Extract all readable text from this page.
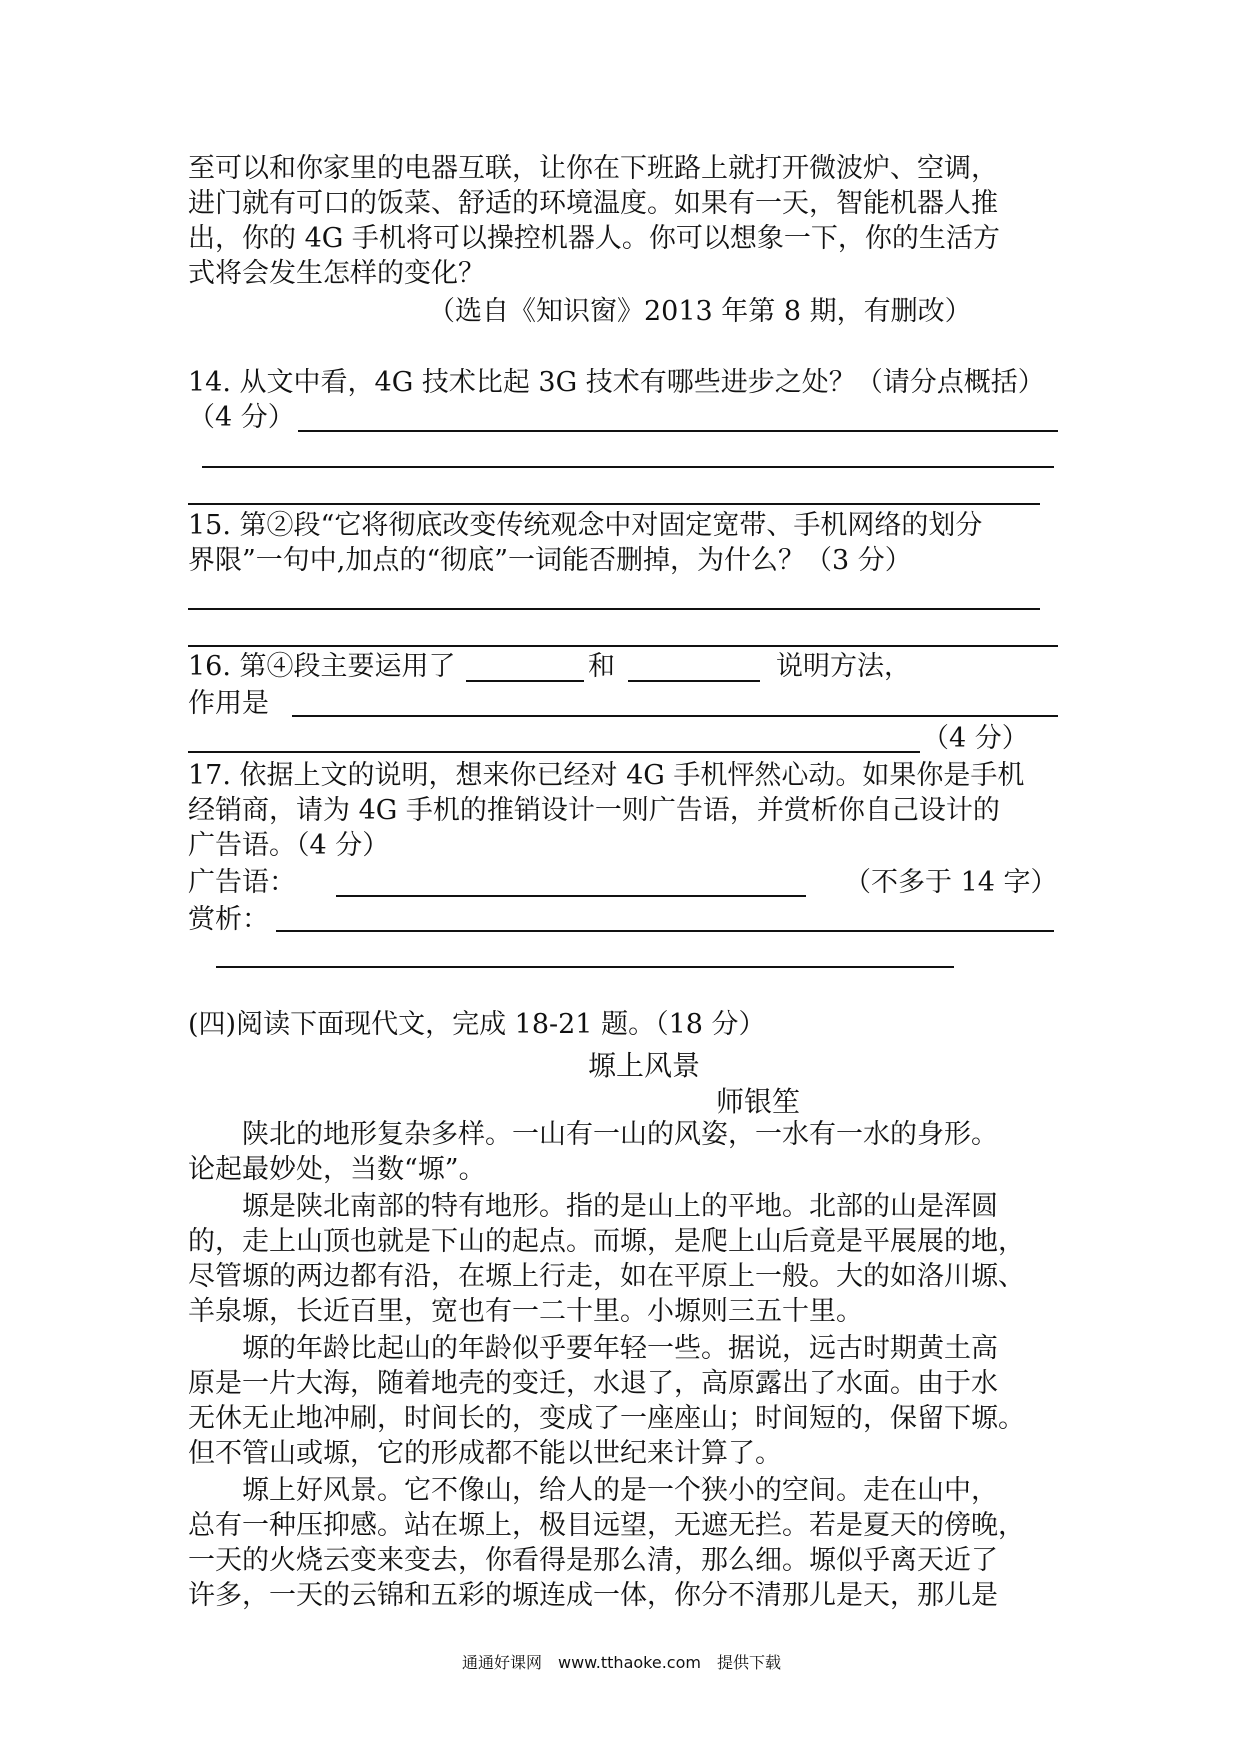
至可以和你家里的电器互联，让你在下班路上就打开微波炉、空调，
进门就有可口的饭菜、舒适的环境温度。如果有一天，智能机器人推
出，你的 4G 手机将可以操控机器人。你可以想象一下，你的生活方
式将会发生怎样的变化？
（选自《知识窗》2013 年第 8 期，有删改）
14. 从文中看，4G 技术比起 3G 技术有哪些进步之处？（请分点概括）
（4 分）
15. 第②段“它将彻底改变传统观念中对固定宽带、手机网络的划分
界限”一句中,加点的“彻底”一词能否删掉，为什么？（3 分）
16. 第④段主要运用了	和	说明方法，
作用是
（4 分）
17. 依据上文的说明，想来你已经对 4G 手机怦然心动。如果你是手机
经销商，请为 4G 手机的推销设计一则广告语，并赏析你自己设计的
广告语。（4 分）
广告语：	（不多于 14 字）
赏析：
(四)阅读下面现代文，完成 18-21 题。（18 分）
塬上风景
师银笙
　　陕北的地形复杂多样。一山有一山的风姿，一水有一水的身形。
论起最妙处，当数“塬”。
　　塬是陕北南部的特有地形。指的是山上的平地。北部的山是浑圆
的，走上山顶也就是下山的起点。而塬，是爬上山后竟是平展展的地，
尽管塬的两边都有沿，在塬上行走，如在平原上一般。大的如洛川塬、
羊泉塬，长近百里，宽也有一二十里。小塬则三五十里。
　　塬的年龄比起山的年龄似乎要年轻一些。据说，远古时期黄土高
原是一片大海，随着地壳的变迁，水退了，高原露出了水面。由于水
无休无止地冲刷，时间长的，变成了一座座山；时间短的，保留下塬。
但不管山或塬，它的形成都不能以世纪来计算了。
　　塬上好风景。它不像山，给人的是一个狭小的空间。走在山中，
总有一种压抑感。站在塬上，极目远望，无遮无拦。若是夏天的傍晚，
一天的火烧云变来变去，你看得是那么清，那么细。塬似乎离天近了
许多，一天的云锦和五彩的塬连成一体，你分不清那儿是天，那儿是
通通好课网　www.tthaoke.com　提供下载
